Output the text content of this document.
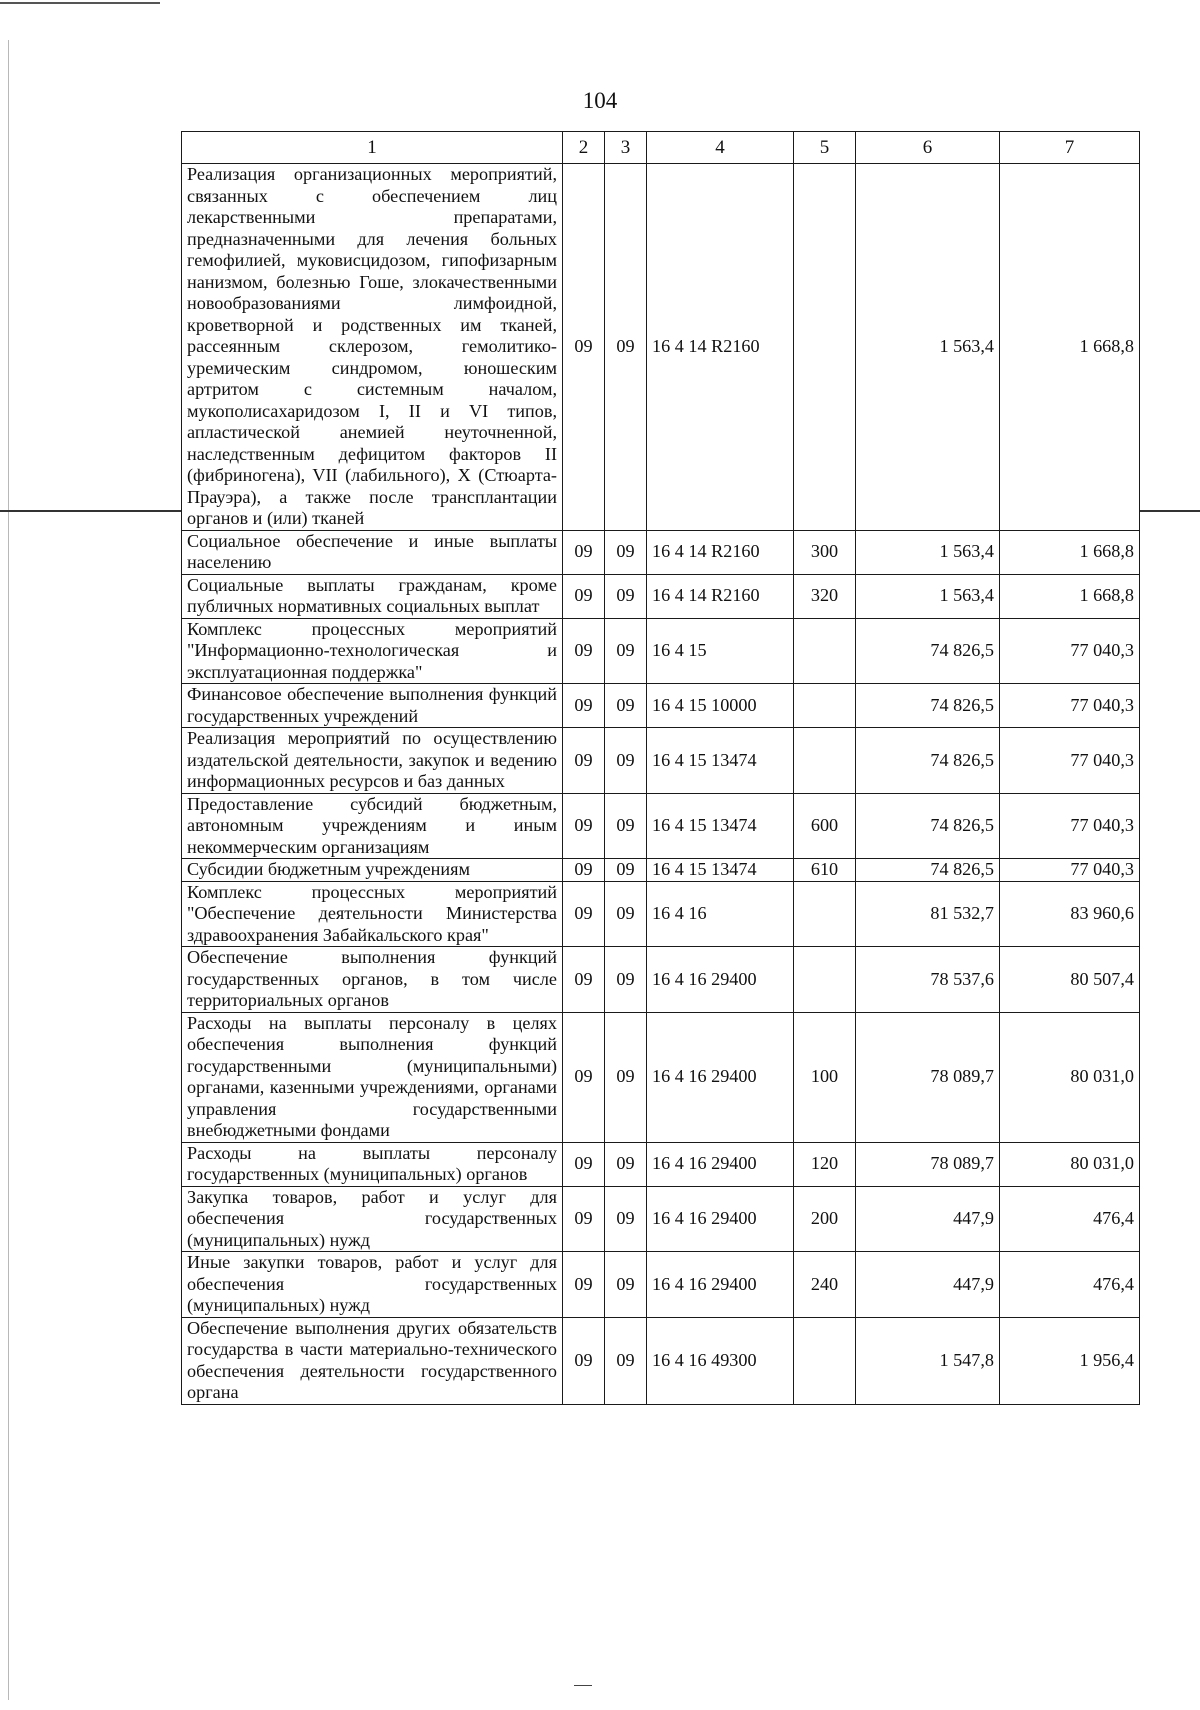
104
1	2	3	4	5	6	7
Реализация организационных мероприятий, связанных с обеспечением лиц лекарственными препаратами, предназначенными для лечения больных гемофилией, муковисцидозом, гипофизарным нанизмом, болезнью Гоше, злокачественными новообразованиями лимфоидной, кроветворной и родственных им тканей, рассеянным склерозом, гемолитико-уремическим синдромом, юношеским артритом с системным началом, мукополисахаридозом I, II и VI типов, апластической анемией неуточненной, наследственным дефицитом факторов II (фибриногена), VII (лабильного), X (Стюарта-Прауэра), а также после трансплантации органов и (или) тканей	09	09	16 4 14 R2160		1 563,4	1 668,8
Социальное обеспечение и иные выплаты населению	09	09	16 4 14 R2160	300	1 563,4	1 668,8
Социальные выплаты гражданам, кроме публичных нормативных социальных выплат	09	09	16 4 14 R2160	320	1 563,4	1 668,8
Комплекс процессных мероприятий "Информационно-технологическая и эксплуатационная поддержка"	09	09	16 4 15		74 826,5	77 040,3
Финансовое обеспечение выполнения функций государственных учреждений	09	09	16 4 15 10000		74 826,5	77 040,3
Реализация мероприятий по осуществлению издательской деятельности, закупок и ведению информационных ресурсов и баз данных	09	09	16 4 15 13474		74 826,5	77 040,3
Предоставление субсидий бюджетным, автономным учреждениям и иным некоммерческим организациям	09	09	16 4 15 13474	600	74 826,5	77 040,3
Субсидии бюджетным учреждениям	09	09	16 4 15 13474	610	74 826,5	77 040,3
Комплекс процессных мероприятий "Обеспечение деятельности Министерства здравоохранения Забайкальского края"	09	09	16 4 16		81 532,7	83 960,6
Обеспечение выполнения функций государственных органов, в том числе территориальных органов	09	09	16 4 16 29400		78 537,6	80 507,4
Расходы на выплаты персоналу в целях обеспечения выполнения функций государственными (муниципальными) органами, казенными учреждениями, органами управления государственными внебюджетными фондами	09	09	16 4 16 29400	100	78 089,7	80 031,0
Расходы на выплаты персоналу государственных (муниципальных) органов	09	09	16 4 16 29400	120	78 089,7	80 031,0
Закупка товаров, работ и услуг для обеспечения государственных (муниципальных) нужд	09	09	16 4 16 29400	200	447,9	476,4
Иные закупки товаров, работ и услуг для обеспечения государственных (муниципальных) нужд	09	09	16 4 16 29400	240	447,9	476,4
Обеспечение выполнения других обязательств государства в части материально-технического обеспечения деятельности государственного органа	09	09	16 4 16 49300		1 547,8	1 956,4
